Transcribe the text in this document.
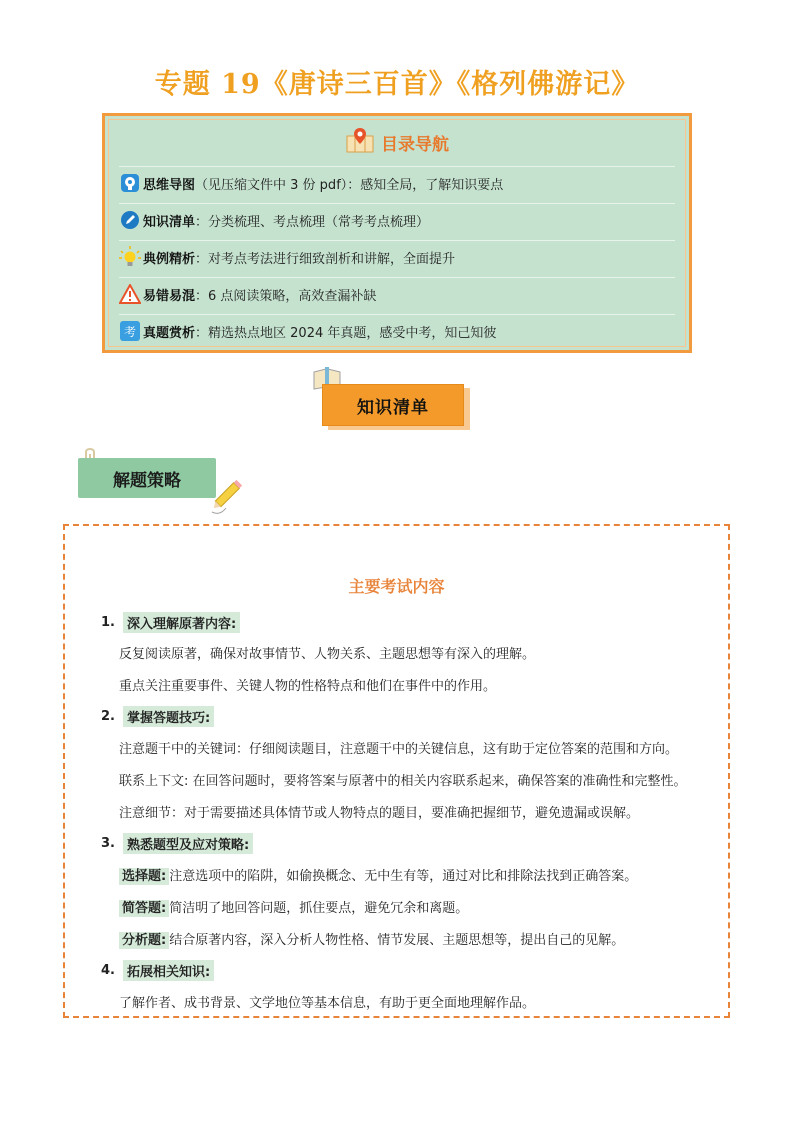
专题 19《唐诗三百首》《格列佛游记》
目录导航
思维导图 （见压缩文件中 3 份 pdf）：感知全局，了解知识要点
知识清单 ：分类梳理、考点梳理（常考考点梳理）
典例精析 ：对考点考法进行细致剖析和讲解，全面提升
易错易混 ：6 点阅读策略，高效查漏补缺
考 真题赏析 ：精选热点地区 2024 年真题，感受中考，知己知彼
知识清单
解题策略
主要考试内容
1. 深入理解原著内容:
反复阅读原著，确保对故事情节、人物关系、主题思想等有深入的理解。
重点关注重要事件、关键人物的性格特点和他们在事件中的作用。
2. 掌握答题技巧:
注意题干中的关键词：仔细阅读题目，注意题干中的关键信息，这有助于定位答案的范围和方向。
联系上下文: 在回答问题时，要将答案与原著中的相关内容联系起来，确保答案的准确性和完整性。
注意细节：对于需要描述具体情节或人物特点的题目，要准确把握细节，避免遗漏或误解。
3. 熟悉题型及应对策略:
选择题: 注意选项中的陷阱，如偷换概念、无中生有等，通过对比和排除法找到正确答案。
简答题: 简洁明了地回答问题，抓住要点，避免冗余和离题。
分析题: 结合原著内容，深入分析人物性格、情节发展、主题思想等，提出自己的见解。
4. 拓展相关知识:
了解作者、成书背景、文学地位等基本信息，有助于更全面地理解作品。
